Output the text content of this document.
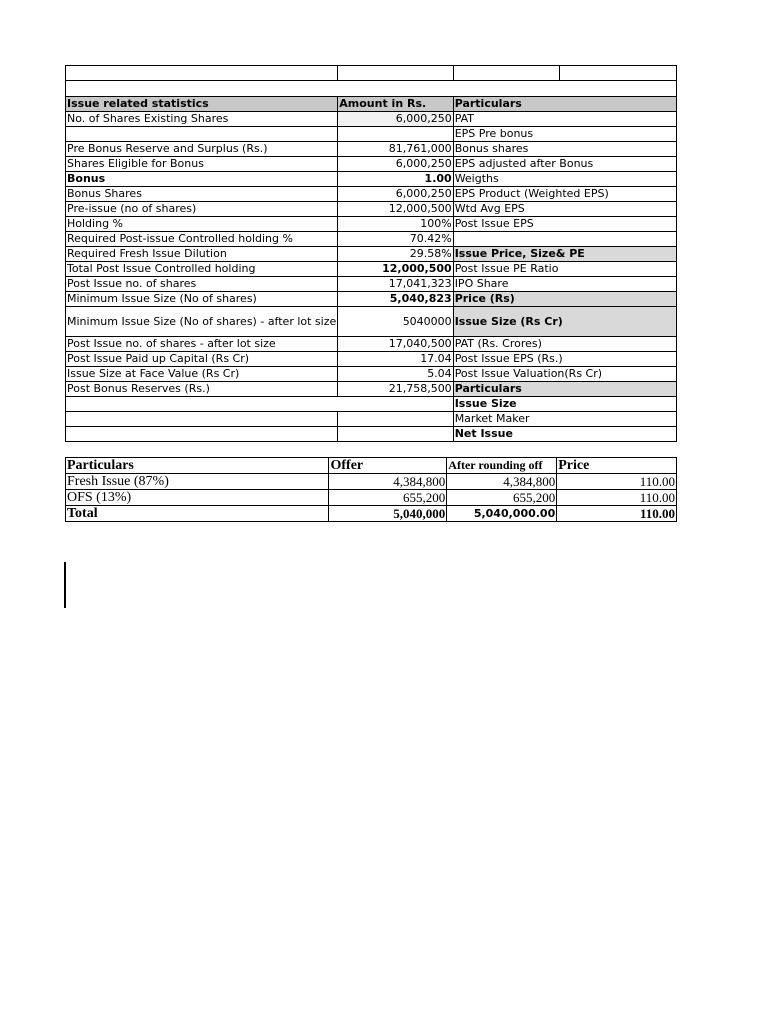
Issue related statistics	Amount in Rs.	Particulars	
No. of Shares Existing Shares	6,000,250	PAT	
		EPS Pre bonus	
Pre Bonus Reserve and Surplus (Rs.)	81,761,000	Bonus shares	
Shares Eligible for Bonus	6,000,250	EPS adjusted after Bonus	
Bonus	1.00	Weigths	
Bonus Shares	6,000,250	EPS Product (Weighted EPS)	
Pre-issue (no of shares)	12,000,500	Wtd Avg EPS	
Holding %	100%	Post Issue EPS	
Required Post-issue Controlled holding %	70.42%		
Required Fresh Issue Dilution	29.58%	Issue Price, Size& PE	
Total Post Issue Controlled holding	12,000,500	Post Issue PE Ratio	
Post Issue no. of shares	17,041,323	IPO Share	
Minimum Issue Size (No of shares)	5,040,823	Price (Rs)	
Minimum Issue Size (No of shares) - after lot size	5040000	Issue Size (Rs Cr)	
Post Issue no. of shares - after lot size	17,040,500	PAT (Rs. Crores)	
Post Issue Paid up Capital (Rs Cr)	17.04	Post Issue EPS (Rs.)	
Issue Size at Face Value (Rs Cr)	5.04	Post Issue Valuation(Rs Cr)	
Post Bonus Reserves (Rs.)	21,758,500	Particulars	
		Issue Size	
		Market Maker	
		Net Issue	
Particulars	Offer	After rounding off	Price
Fresh Issue (87%)	4,384,800	4,384,800	110.00
OFS (13%)	655,200	655,200	110.00
Total	5,040,000	5,040,000.00	110.00
